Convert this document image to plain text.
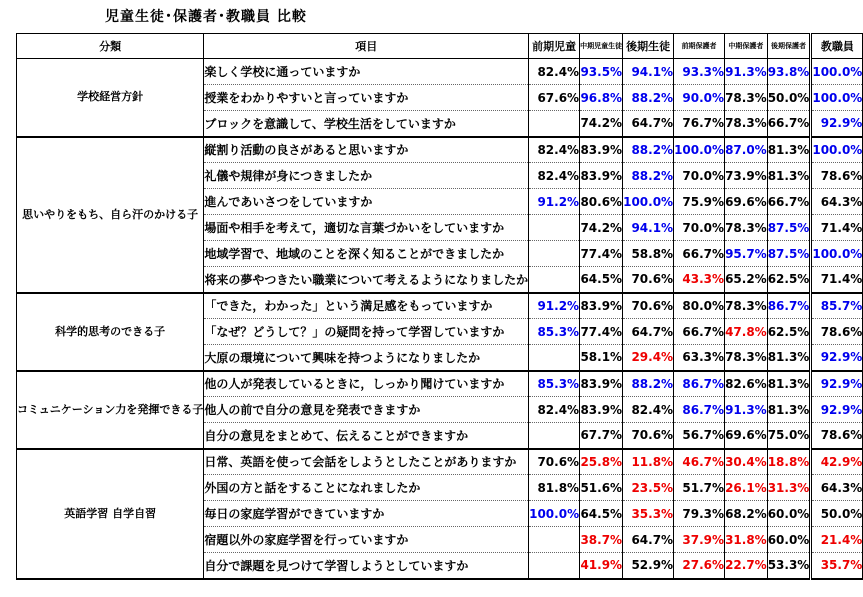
児童生徒･保護者･教職員 比較
分類	項目	前期児童	中期児童生徒	後期生徒	前期保護者	中期保護者	後期保護者	教職員
学校経営方針	楽しく学校に通っていますか	82.4%	93.5%	94.1%	93.3%	91.3%	93.8%	100.0%
	授業をわかりやすいと言っていますか	67.6%	96.8%	88.2%	90.0%	78.3%	50.0%	100.0%
	ブロックを意識して、学校生活をしていますか		74.2%	64.7%	76.7%	78.3%	66.7%	92.9%
思いやりをもち、自ら汗のかける子	縦割り活動の良さがあると思いますか	82.4%	83.9%	88.2%	100.0%	87.0%	81.3%	100.0%
	礼儀や規律が身につきましたか	82.4%	83.9%	88.2%	70.0%	73.9%	81.3%	78.6%
	進んであいさつをしていますか	91.2%	80.6%	100.0%	75.9%	69.6%	66.7%	64.3%
	場面や相手を考えて，適切な言葉づかいをしていますか		74.2%	94.1%	70.0%	78.3%	87.5%	71.4%
	地域学習で、地域のことを深く知ることができましたか		77.4%	58.8%	66.7%	95.7%	87.5%	100.0%
	将来の夢やつきたい職業について考えるようになりましたか		64.5%	70.6%	43.3%	65.2%	62.5%	71.4%
科学的思考のできる子	「できた，わかった」という満足感をもっていますか	91.2%	83.9%	70.6%	80.0%	78.3%	86.7%	85.7%
	「なぜ？どうして？」の疑問を持って学習していますか	85.3%	77.4%	64.7%	66.7%	47.8%	62.5%	78.6%
	大原の環境について興味を持つようになりましたか		58.1%	29.4%	63.3%	78.3%	81.3%	92.9%
コミュニケーション力を発揮できる子	他の人が発表しているときに，しっかり聞けていますか	85.3%	83.9%	88.2%	86.7%	82.6%	81.3%	92.9%
	他人の前で自分の意見を発表できますか	82.4%	83.9%	82.4%	86.7%	91.3%	81.3%	92.9%
	自分の意見をまとめて、伝えることができますか		67.7%	70.6%	56.7%	69.6%	75.0%	78.6%
英語学習 自学自習	日常、英語を使って会話をしようとしたことがありますか	70.6%	25.8%	11.8%	46.7%	30.4%	18.8%	42.9%
	外国の方と話をすることになれましたか	81.8%	51.6%	23.5%	51.7%	26.1%	31.3%	64.3%
	毎日の家庭学習ができていますか	100.0%	64.5%	35.3%	79.3%	68.2%	60.0%	50.0%
	宿題以外の家庭学習を行っていますか		38.7%	64.7%	37.9%	31.8%	60.0%	21.4%
	自分で課題を見つけて学習しようとしていますか		41.9%	52.9%	27.6%	22.7%	53.3%	35.7%
